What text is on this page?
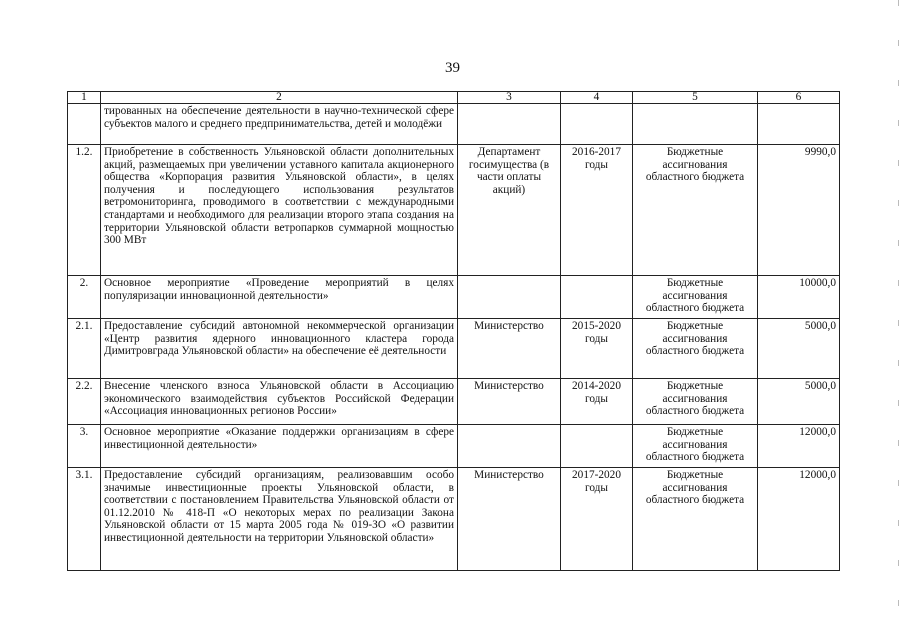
39
1	2	3	4	5	6
	тированных на обеспечение деятельности в научно-технической сфере субъектов малого и среднего предпринимательства, детей и молодёжи				
1.2.	Приобретение в собственность Ульяновской области дополнительных акций, размещаемых при увеличении уставного капитала акционерного общества «Корпорация развития Ульяновской области», в целях получения и последующего использования результатов ветромониторинга, проводимого в соответствии с международными стандартами и необходимого для реализации второго этапа создания на территории Ульяновской области ветропарков суммарной мощностью 300 МВт	Департамент госимущества (в части оплаты акций)	2016-2017 годы	Бюджетные ассигнования областного бюджета	9990,0
2.	Основное мероприятие «Проведение мероприятий в целях популяризации инновационной деятельности»			Бюджетные ассигнования областного бюджета	10000,0
2.1.	Предоставление субсидий автономной некоммерческой организации «Центр развития ядерного инновационного кластера города Димитровграда Ульяновской области» на обеспечение её деятельности	Министерство	2015-2020 годы	Бюджетные ассигнования областного бюджета	5000,0
2.2.	Внесение членского взноса Ульяновской области в Ассоциацию экономического взаимодействия субъектов Российской Федерации «Ассоциация инновационных регионов России»	Министерство	2014-2020 годы	Бюджетные ассигнования областного бюджета	5000,0
3.	Основное мероприятие «Оказание поддержки организациям в сфере инвестиционной деятельности»			Бюджетные ассигнования областного бюджета	12000,0
3.1.	Предоставление субсидий организациям, реализовавшим особо значимые инвестиционные проекты Ульяновской области, в соответствии с постановлением Правительства Ульяновской области от 01.12.2010 № 418-П «О некоторых мерах по реализации Закона Ульяновской области от 15 марта 2005 года № 019-ЗО «О развитии инвестиционной деятельности на территории Ульяновской области»	Министерство	2017-2020 годы	Бюджетные ассигнования областного бюджета	12000,0
